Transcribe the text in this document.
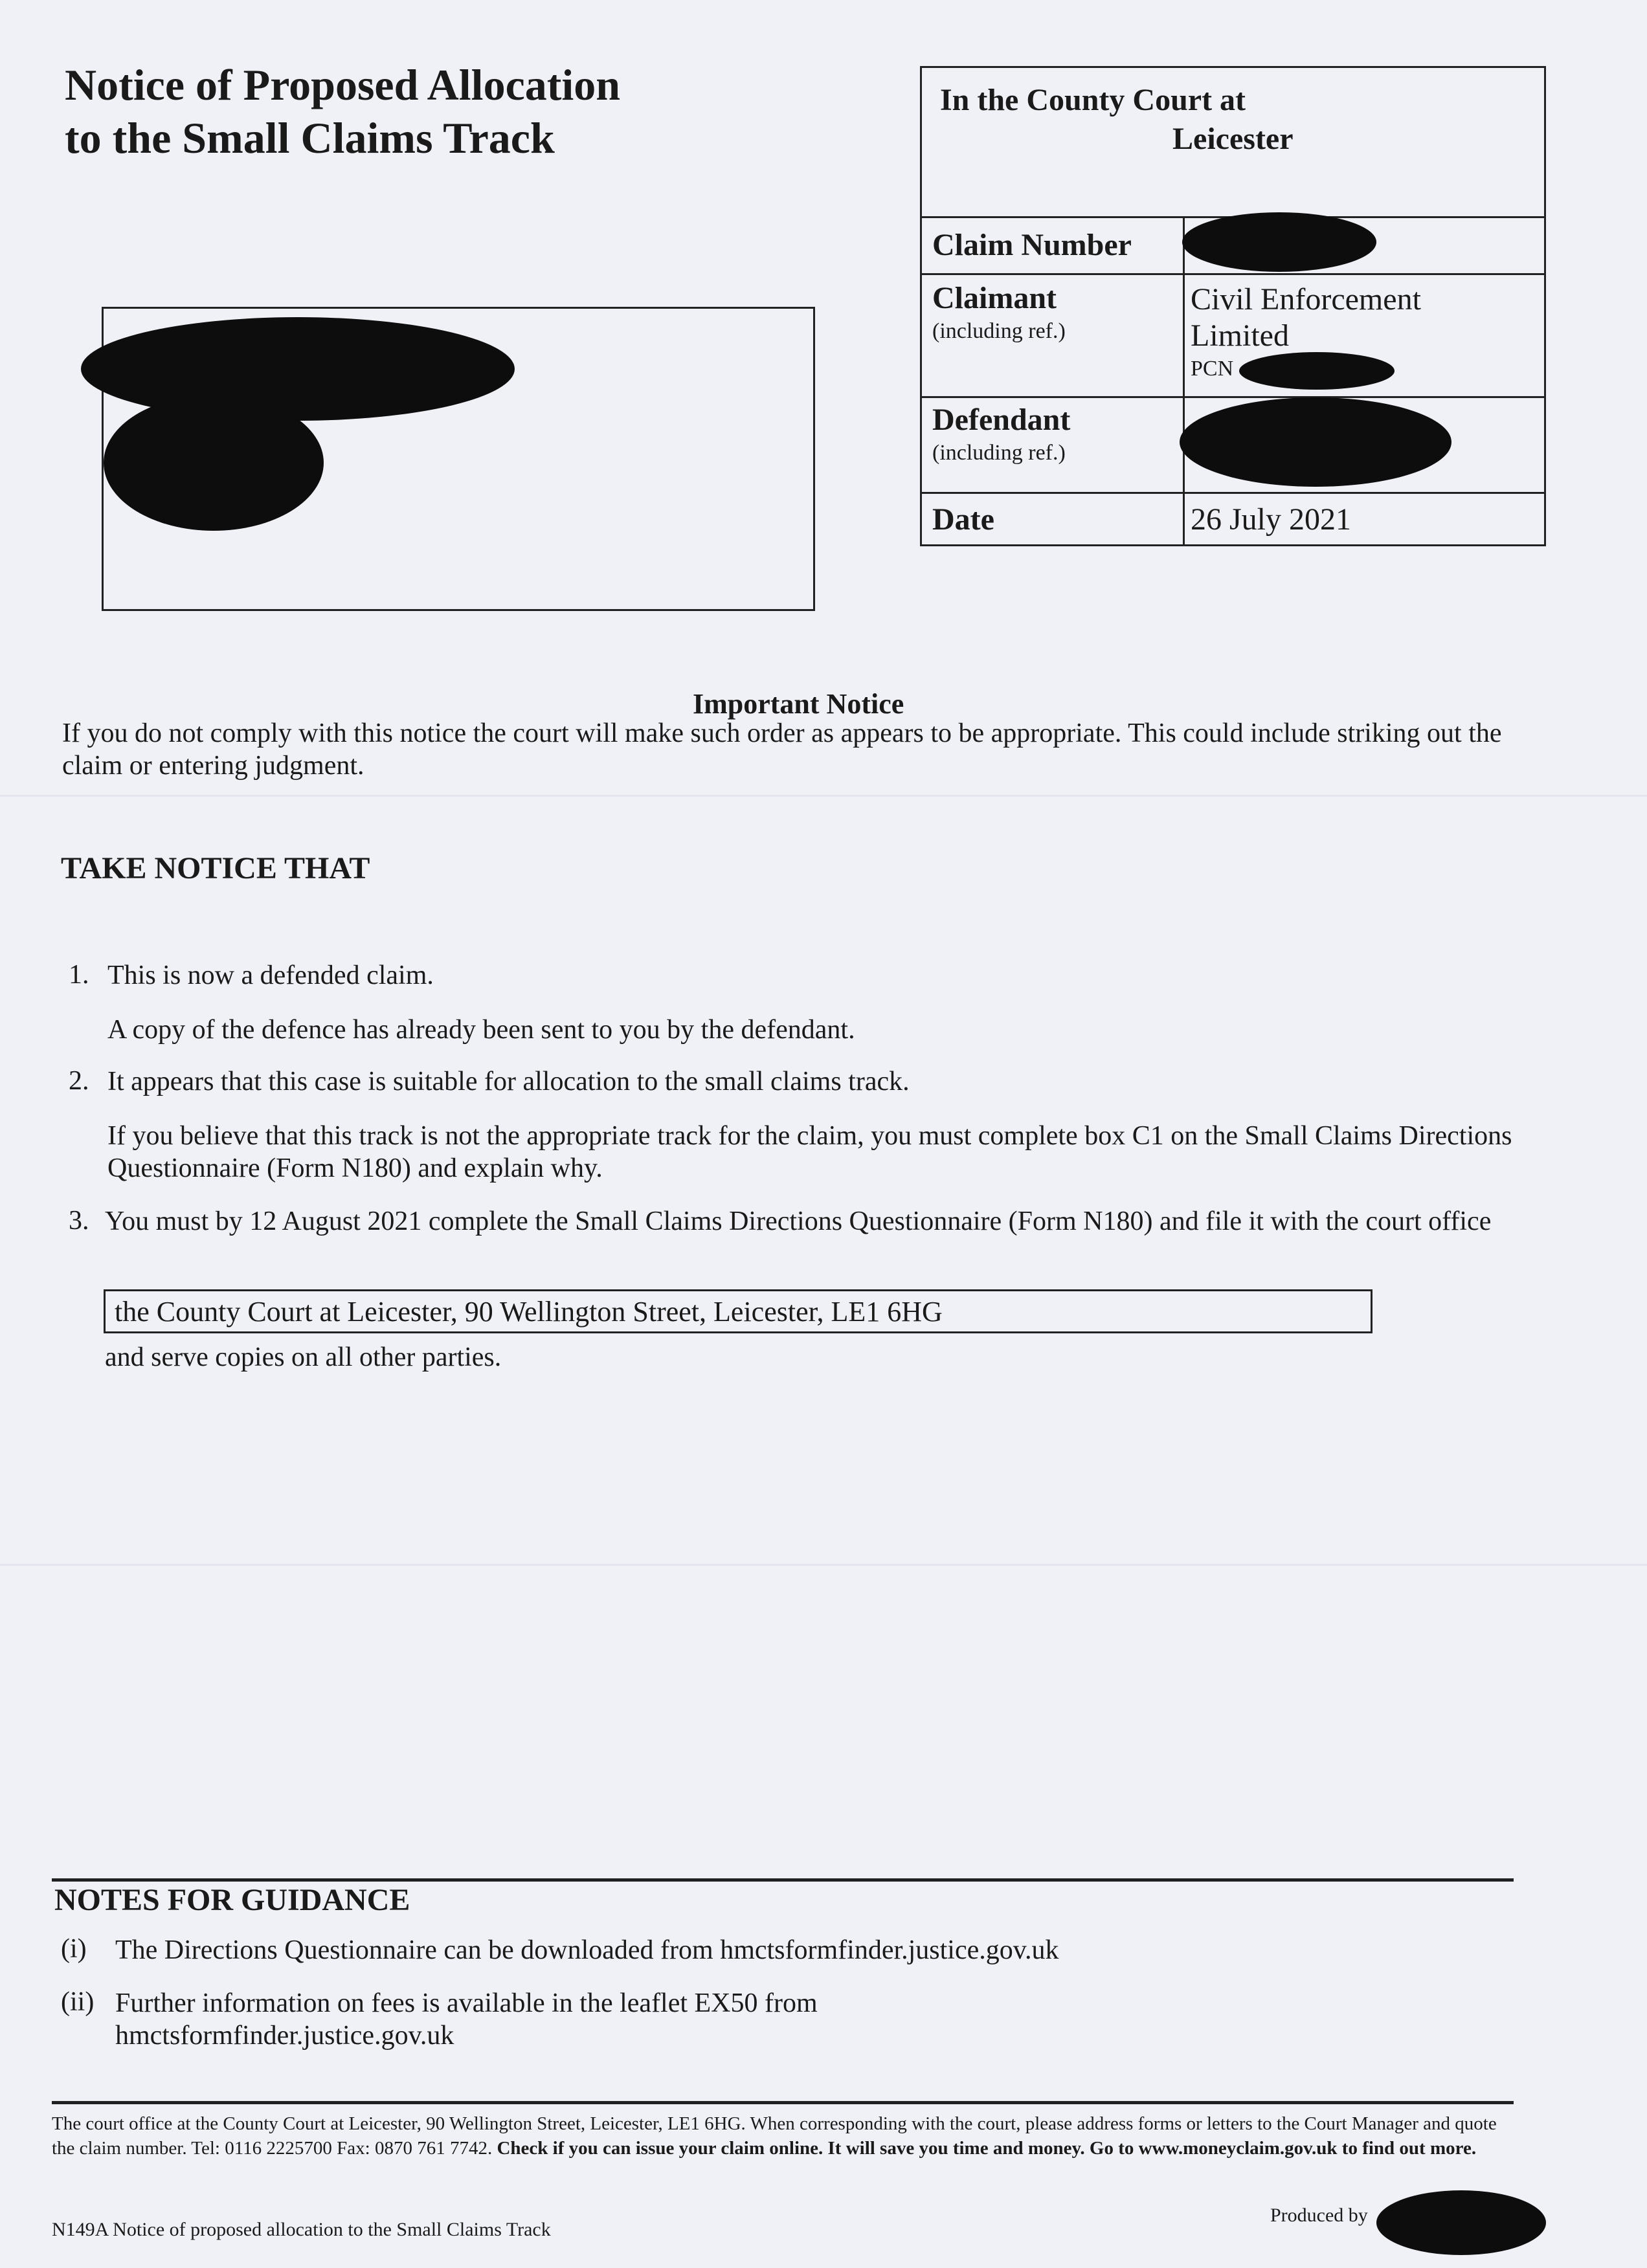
Notice of Proposed Allocation
to the Small Claims Track
In the County Court at
Leicester
Claim Number
Claimant
(including ref.)
Civil Enforcement
Limited
PCN
Defendant
(including ref.)
Date	26 July 2021
Important Notice
If you do not comply with this notice the court will make such order as appears to be appropriate. This could include striking out the claim or entering judgment.
TAKE NOTICE THAT
1. This is now a defended claim.
A copy of the defence has already been sent to you by the defendant.
2. It appears that this case is suitable for allocation to the small claims track.
If you believe that this track is not the appropriate track for the claim, you must complete box C1 on the Small Claims Directions Questionnaire (Form N180) and explain why.
3. You must by 12 August 2021 complete the Small Claims Directions Questionnaire (Form N180) and file it with the court office
the County Court at Leicester, 90 Wellington Street, Leicester, LE1 6HG
and serve copies on all other parties.
NOTES FOR GUIDANCE
(i) The Directions Questionnaire can be downloaded from hmctsformfinder.justice.gov.uk
(ii) Further information on fees is available in the leaflet EX50 from hmctsformfinder.justice.gov.uk
The court office at the County Court at Leicester, 90 Wellington Street, Leicester, LE1 6HG. When corresponding with the court, please address forms or letters to the Court Manager and quote the claim number. Tel: 0116 2225700 Fax: 0870 761 7742. Check if you can issue your claim online. It will save you time and money. Go to www.moneyclaim.gov.uk to find out more.
N149A Notice of proposed allocation to the Small Claims Track
Produced by
